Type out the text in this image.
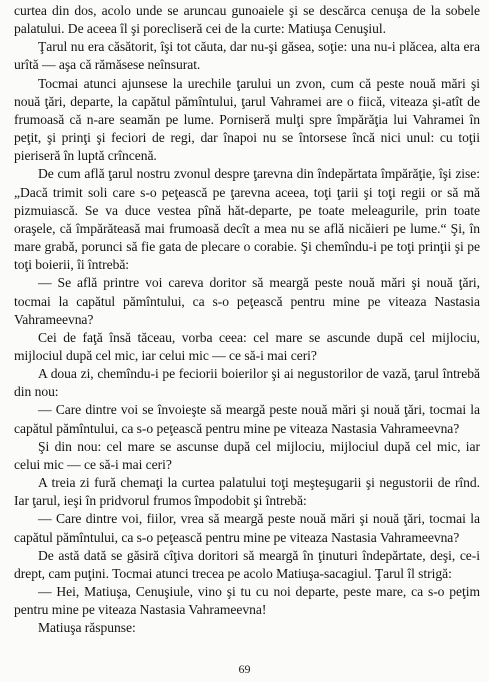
curtea din dos, acolo unde se aruncau gunoaiele şi se descărca cenuşa de la sobele palatului. De aceea îl şi porecliseră cei de la curte: Matiuşa Cenuşiul.

Ţarul nu era căsătorit, îşi tot căuta, dar nu-şi găsea, soţie: una nu-i plăcea, alta era urîtă — aşa că rămăsese neînsurat.

Tocmai atunci ajunsese la urechile ţarului un zvon, cum că peste nouă mări şi nouă ţări, departe, la capătul pămîntului, ţarul Vahramei are o fiică, viteaza şi-atît de frumoasă că n-are seamăn pe lume. Porniseră mulţi spre împărăţia lui Vahramei în peţit, şi prinţi şi feciori de regi, dar înapoi nu se întorsese încă nici unul: cu toţii pieriseră în luptă crîncenă.

De cum află ţarul nostru zvonul despre ţarevna din îndepărtata împărăţie, îşi zise: „Dacă trimit soli care s-o peţească pe ţarevna aceea, toţi ţarii şi toţi regii or să mă pizmuiască. Se va duce vestea pînă hăt-departe, pe toate meleagurile, prin toate oraşele, că împărăteasă mai frumoasă decît a mea nu se află nicăieri pe lume.“ Şi, în mare grabă, porunci să fie gata de plecare o corabie. Şi chemîndu-i pe toţi prinţii şi pe toţi boierii, îi întrebă:

— Se află printre voi careva doritor să meargă peste nouă mări şi nouă ţări, tocmai la capătul pămîntului, ca s-o peţească pentru mine pe viteaza Nastasia Vahrameevna?

Cei de faţă însă tăceau, vorba ceea: cel mare se ascunde după cel mijlociu, mijlociul după cel mic, iar celui mic — ce să-i mai ceri?

A doua zi, chemîndu-i pe feciorii boierilor şi ai negustorilor de vază, ţarul întrebă din nou:

— Care dintre voi se învoieşte să meargă peste nouă mări şi nouă ţări, tocmai la capătul pămîntului, ca s-o peţească pentru mine pe viteaza Nastasia Vahrameevna?

Şi din nou: cel mare se ascunse după cel mijlociu, mijlociul după cel mic, iar celui mic — ce să-i mai ceri?

A treia zi fură chemaţi la curtea palatului toţi meşteşugarii şi negustorii de rînd. Iar ţarul, ieşi în pridvorul frumos împodobit şi întrebă:

— Care dintre voi, fiilor, vrea să meargă peste nouă mări şi nouă ţări, tocmai la capătul pămîntului, ca s-o peţească pentru mine pe viteaza Nastasia Vahrameevna?

De astă dată se găsiră cîţiva doritori să meargă în ţinuturi îndepărtate, deşi, ce-i drept, cam puţini. Tocmai atunci trecea pe acolo Matiuşa-sacagiul. Ţarul îl strigă:

— Hei, Matiuşa, Cenuşiule, vino şi tu cu noi departe, peste mare, ca s-o peţim pentru mine pe viteaza Nastasia Vahrameevna!

Matiuşa răspunse:

69
